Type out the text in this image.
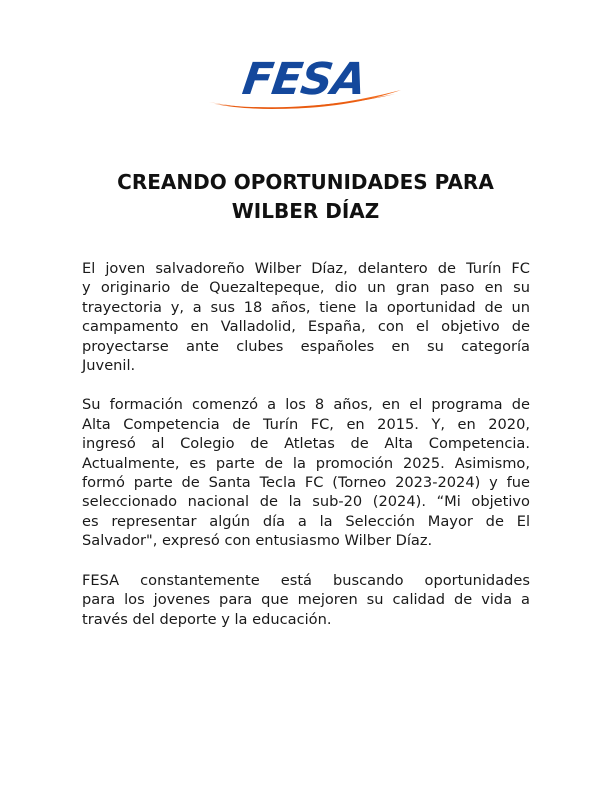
FESA
CREANDO OPORTUNIDADES PARA
WILBER DÍAZ

El joven salvadoreño Wilber Díaz, delantero de Turín FC
y originario de Quezaltepeque, dio un gran paso en su
trayectoria y, a sus 18 años, tiene la oportunidad de un
campamento en Valladolid, España, con el objetivo de
proyectarse ante clubes españoles en su categoría
Juvenil.

Su formación comenzó a los 8 años, en el programa de
Alta Competencia de Turín FC, en 2015. Y, en 2020,
ingresó al Colegio de Atletas de Alta Competencia.
Actualmente, es parte de la promoción 2025. Asimismo,
formó parte de Santa Tecla FC (Torneo 2023-2024) y fue
seleccionado nacional de la sub-20 (2024). “Mi objetivo
es representar algún día a la Selección Mayor de El
Salvador", expresó con entusiasmo Wilber Díaz.

FESA constantemente está buscando oportunidades
para los jovenes para que mejoren su calidad de vida a
través del deporte y la educación.
